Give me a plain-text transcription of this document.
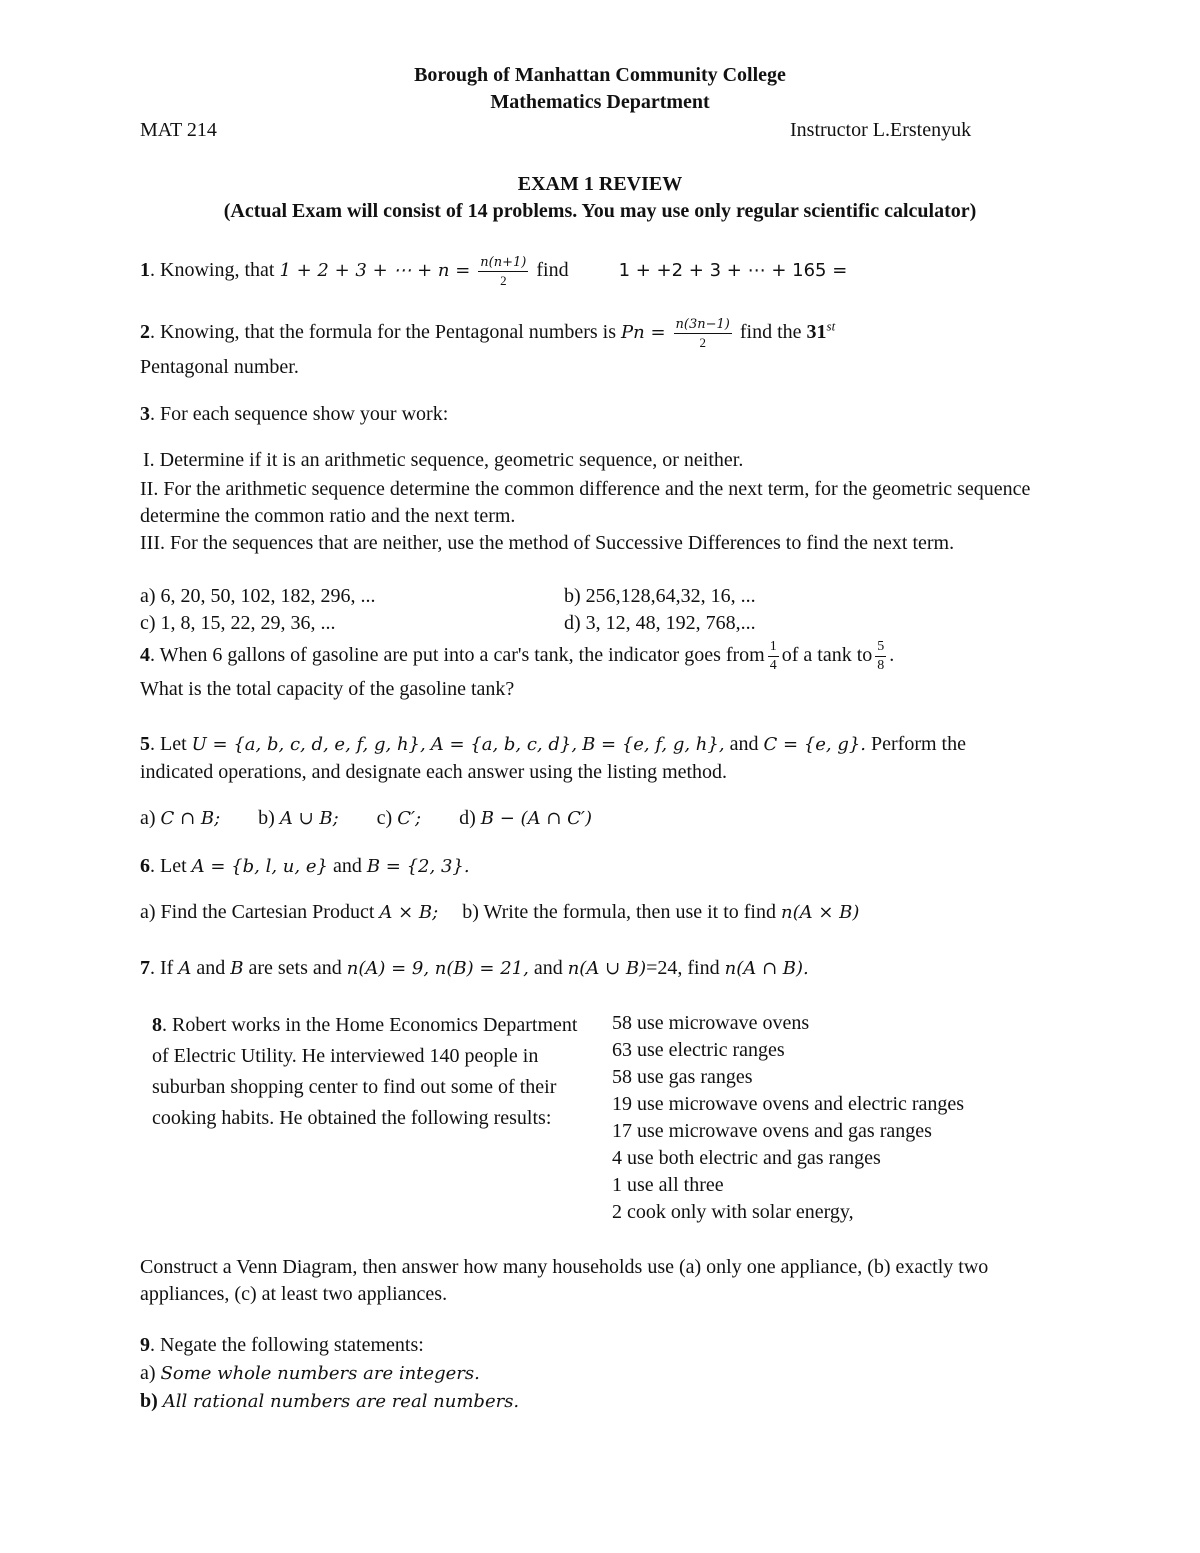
Borough of Manhattan Community College
Mathematics Department
MAT 214	Instructor L.Erstenyuk
EXAM 1 REVIEW
(Actual Exam will consist of 14 problems. You may use only regular scientific calculator)
1. Knowing, that 1 + 2 + 3 + ⋯ + $n = \frac{n(n+1)}{2}$ find	1 + +2 + 3 + ⋯ + 165 =
2. Knowing, that the formula for the Pentagonal numbers is $Pn = \frac{n(3n-1)}{2}$ find the 31st
Pentagonal number.
3. For each sequence show your work:
I. Determine if it is an arithmetic sequence, geometric sequence, or neither.
II. For the arithmetic sequence determine the common difference and the next term, for the geometric sequence determine the common ratio and the next term.
III. For the sequences that are neither, use the method of Successive Differences to find the next term.
a) 6, 20, 50, 102, 182, 296, ...	b) 256,128,64,32, 16, ...
c) 1, 8, 15, 22, 29, 36, ...	d) 3, 12, 48, 192, 768,...
4. When 6 gallons of gasoline are put into a car's tank, the indicator goes from $\frac{1}{4}$ of a tank to $\frac{5}{8}$ .
What is the total capacity of the gasoline tank?
5. Let U = {a, b, c, d, e, f, g, h}, A = {a, b, c, d}, B = {e, f, g, h}, and C = {e, g}. Perform the
indicated operations, and designate each answer using the listing method.
a) C ∩ B; b) A ∪ B; c) C′; d) B − (A ∩ C′)
6. Let A = {b, l, u, e} and B = {2, 3}.
a) Find the Cartesian Product A × B; b) Write the formula, then use it to find n(A × B)
7. If A and B are sets and n(A) = 9, n(B) = 21, and n(A ∪ B)=24, find n(A ∩ B).
8. Robert works in the Home Economics Department of Electric Utility. He interviewed 140 people in suburban shopping center to find out some of their cooking habits. He obtained the following results:
58 use microwave ovens
63 use electric ranges
58 use gas ranges
19 use microwave ovens and electric ranges
17 use microwave ovens and gas ranges
4 use both electric and gas ranges
1 use all three
2 cook only with solar energy,
Construct a Venn Diagram, then answer how many households use (a) only one appliance, (b) exactly two appliances, (c) at least two appliances.
9. Negate the following statements:
a) Some whole numbers are integers.
b) All rational numbers are real numbers.
